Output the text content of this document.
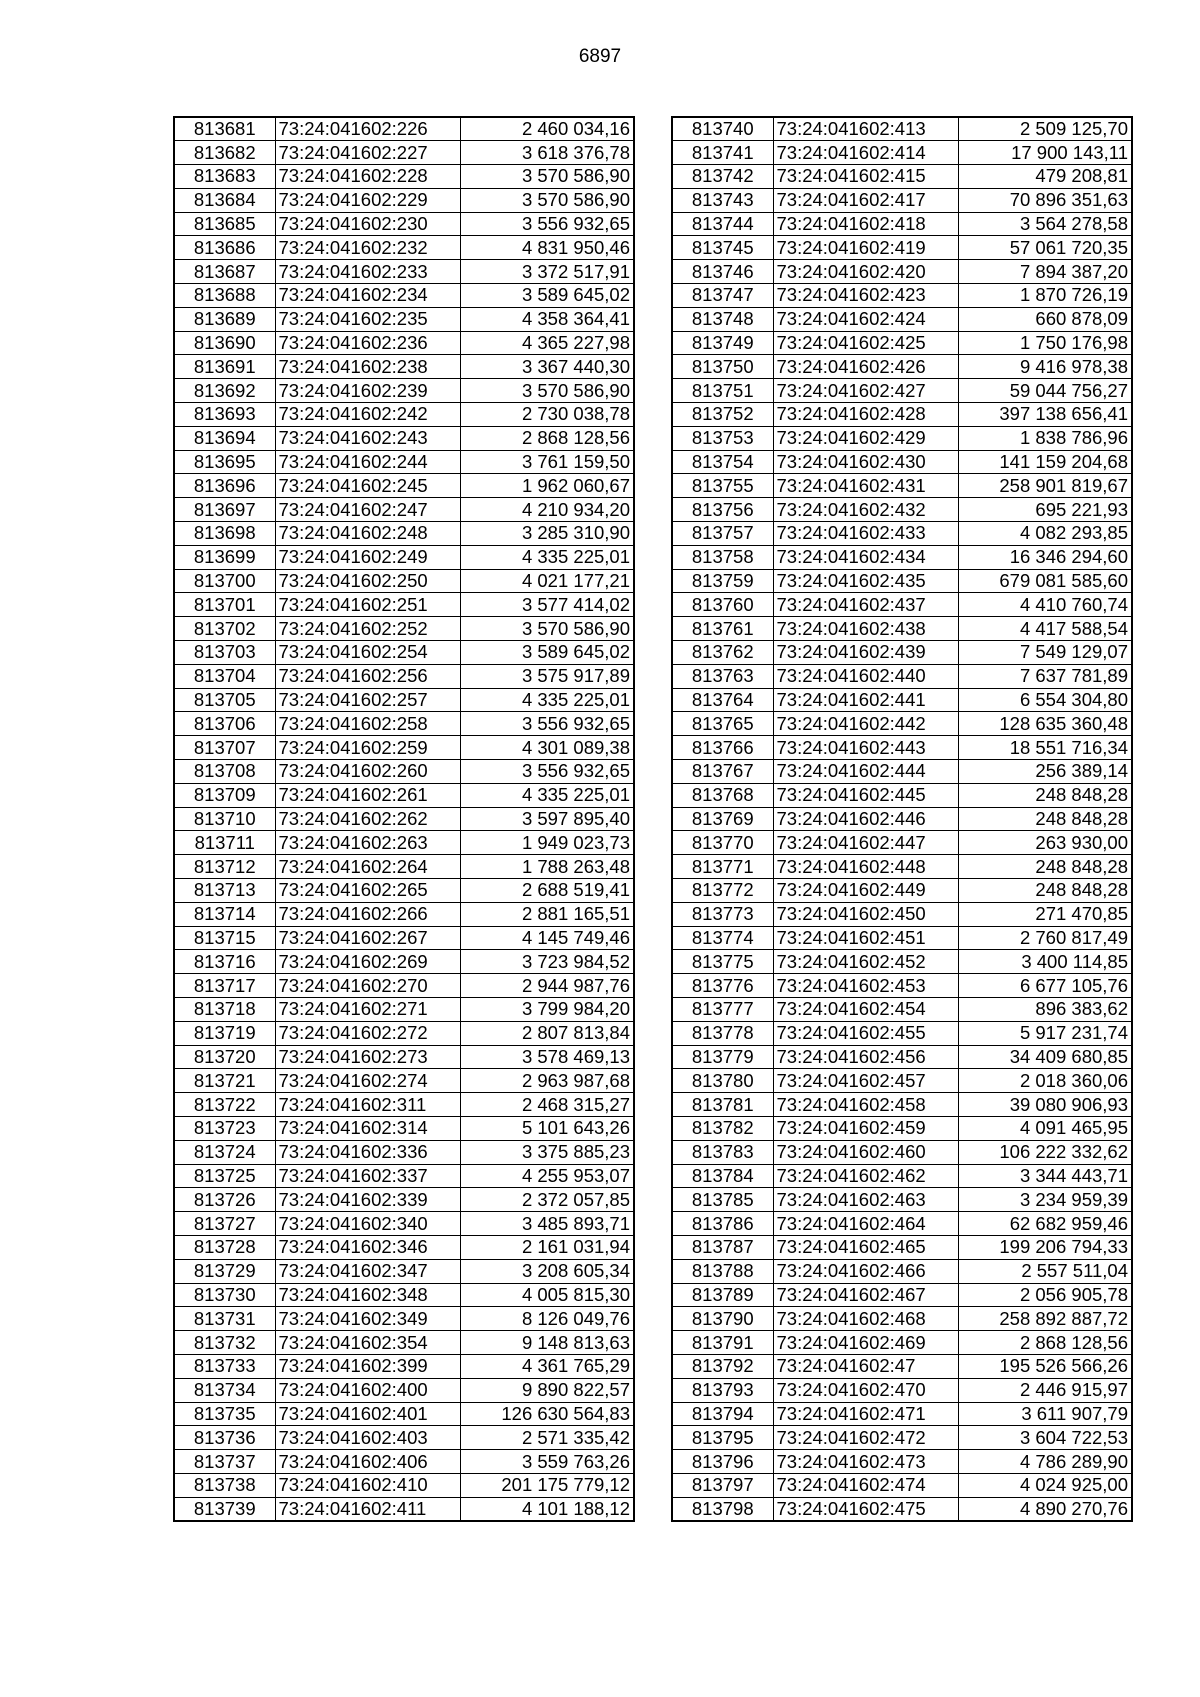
6897
813681	73:24:041602:226	2 460 034,16
813682	73:24:041602:227	3 618 376,78
813683	73:24:041602:228	3 570 586,90
813684	73:24:041602:229	3 570 586,90
813685	73:24:041602:230	3 556 932,65
813686	73:24:041602:232	4 831 950,46
813687	73:24:041602:233	3 372 517,91
813688	73:24:041602:234	3 589 645,02
813689	73:24:041602:235	4 358 364,41
813690	73:24:041602:236	4 365 227,98
813691	73:24:041602:238	3 367 440,30
813692	73:24:041602:239	3 570 586,90
813693	73:24:041602:242	2 730 038,78
813694	73:24:041602:243	2 868 128,56
813695	73:24:041602:244	3 761 159,50
813696	73:24:041602:245	1 962 060,67
813697	73:24:041602:247	4 210 934,20
813698	73:24:041602:248	3 285 310,90
813699	73:24:041602:249	4 335 225,01
813700	73:24:041602:250	4 021 177,21
813701	73:24:041602:251	3 577 414,02
813702	73:24:041602:252	3 570 586,90
813703	73:24:041602:254	3 589 645,02
813704	73:24:041602:256	3 575 917,89
813705	73:24:041602:257	4 335 225,01
813706	73:24:041602:258	3 556 932,65
813707	73:24:041602:259	4 301 089,38
813708	73:24:041602:260	3 556 932,65
813709	73:24:041602:261	4 335 225,01
813710	73:24:041602:262	3 597 895,40
813711	73:24:041602:263	1 949 023,73
813712	73:24:041602:264	1 788 263,48
813713	73:24:041602:265	2 688 519,41
813714	73:24:041602:266	2 881 165,51
813715	73:24:041602:267	4 145 749,46
813716	73:24:041602:269	3 723 984,52
813717	73:24:041602:270	2 944 987,76
813718	73:24:041602:271	3 799 984,20
813719	73:24:041602:272	2 807 813,84
813720	73:24:041602:273	3 578 469,13
813721	73:24:041602:274	2 963 987,68
813722	73:24:041602:311	2 468 315,27
813723	73:24:041602:314	5 101 643,26
813724	73:24:041602:336	3 375 885,23
813725	73:24:041602:337	4 255 953,07
813726	73:24:041602:339	2 372 057,85
813727	73:24:041602:340	3 485 893,71
813728	73:24:041602:346	2 161 031,94
813729	73:24:041602:347	3 208 605,34
813730	73:24:041602:348	4 005 815,30
813731	73:24:041602:349	8 126 049,76
813732	73:24:041602:354	9 148 813,63
813733	73:24:041602:399	4 361 765,29
813734	73:24:041602:400	9 890 822,57
813735	73:24:041602:401	126 630 564,83
813736	73:24:041602:403	2 571 335,42
813737	73:24:041602:406	3 559 763,26
813738	73:24:041602:410	201 175 779,12
813739	73:24:041602:411	4 101 188,12
813740	73:24:041602:413	2 509 125,70
813741	73:24:041602:414	17 900 143,11
813742	73:24:041602:415	479 208,81
813743	73:24:041602:417	70 896 351,63
813744	73:24:041602:418	3 564 278,58
813745	73:24:041602:419	57 061 720,35
813746	73:24:041602:420	7 894 387,20
813747	73:24:041602:423	1 870 726,19
813748	73:24:041602:424	660 878,09
813749	73:24:041602:425	1 750 176,98
813750	73:24:041602:426	9 416 978,38
813751	73:24:041602:427	59 044 756,27
813752	73:24:041602:428	397 138 656,41
813753	73:24:041602:429	1 838 786,96
813754	73:24:041602:430	141 159 204,68
813755	73:24:041602:431	258 901 819,67
813756	73:24:041602:432	695 221,93
813757	73:24:041602:433	4 082 293,85
813758	73:24:041602:434	16 346 294,60
813759	73:24:041602:435	679 081 585,60
813760	73:24:041602:437	4 410 760,74
813761	73:24:041602:438	4 417 588,54
813762	73:24:041602:439	7 549 129,07
813763	73:24:041602:440	7 637 781,89
813764	73:24:041602:441	6 554 304,80
813765	73:24:041602:442	128 635 360,48
813766	73:24:041602:443	18 551 716,34
813767	73:24:041602:444	256 389,14
813768	73:24:041602:445	248 848,28
813769	73:24:041602:446	248 848,28
813770	73:24:041602:447	263 930,00
813771	73:24:041602:448	248 848,28
813772	73:24:041602:449	248 848,28
813773	73:24:041602:450	271 470,85
813774	73:24:041602:451	2 760 817,49
813775	73:24:041602:452	3 400 114,85
813776	73:24:041602:453	6 677 105,76
813777	73:24:041602:454	896 383,62
813778	73:24:041602:455	5 917 231,74
813779	73:24:041602:456	34 409 680,85
813780	73:24:041602:457	2 018 360,06
813781	73:24:041602:458	39 080 906,93
813782	73:24:041602:459	4 091 465,95
813783	73:24:041602:460	106 222 332,62
813784	73:24:041602:462	3 344 443,71
813785	73:24:041602:463	3 234 959,39
813786	73:24:041602:464	62 682 959,46
813787	73:24:041602:465	199 206 794,33
813788	73:24:041602:466	2 557 511,04
813789	73:24:041602:467	2 056 905,78
813790	73:24:041602:468	258 892 887,72
813791	73:24:041602:469	2 868 128,56
813792	73:24:041602:47	195 526 566,26
813793	73:24:041602:470	2 446 915,97
813794	73:24:041602:471	3 611 907,79
813795	73:24:041602:472	3 604 722,53
813796	73:24:041602:473	4 786 289,90
813797	73:24:041602:474	4 024 925,00
813798	73:24:041602:475	4 890 270,76
